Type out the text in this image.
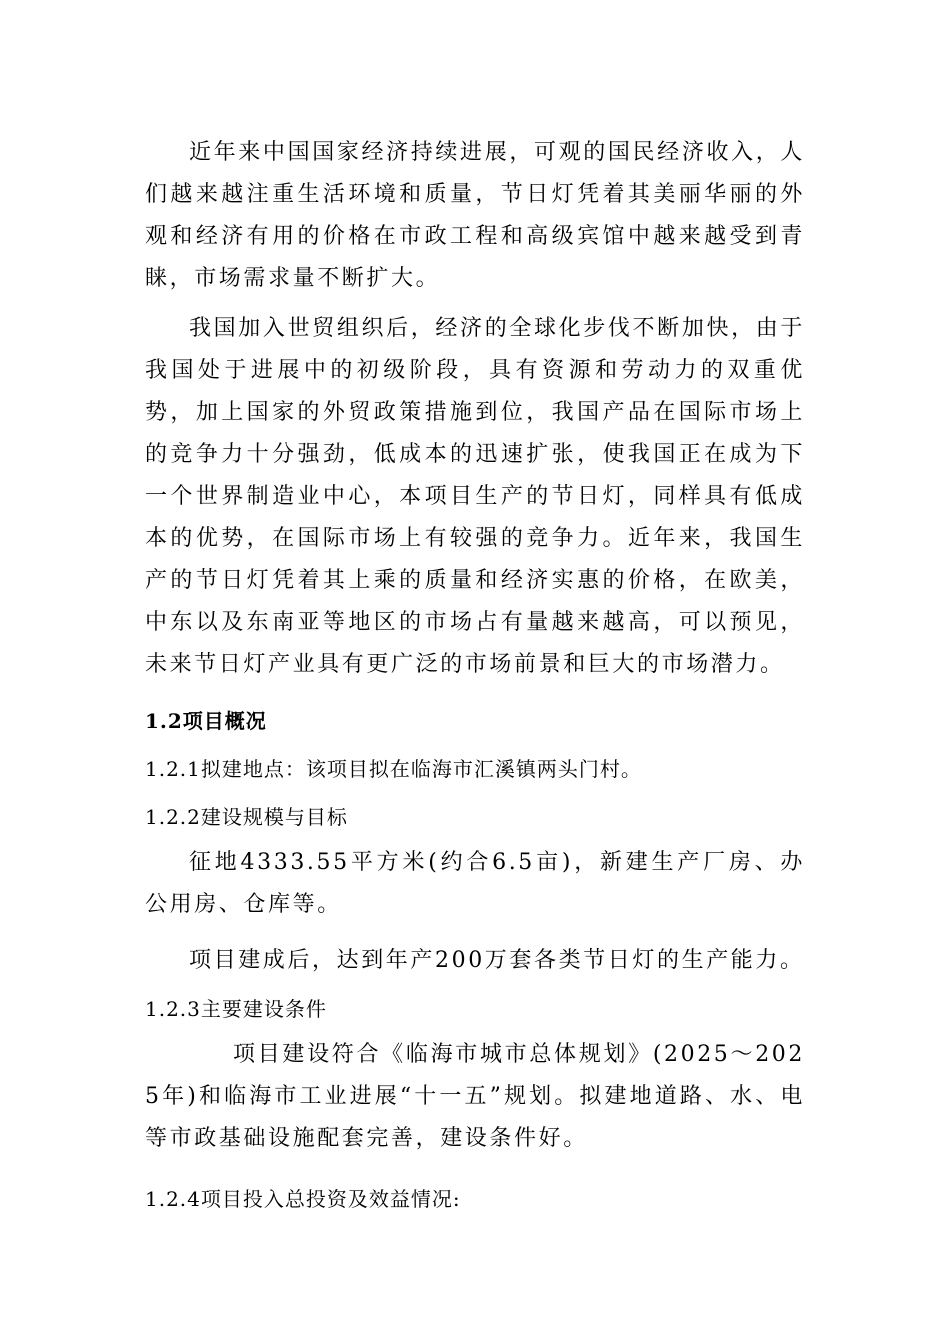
近年来中国国家经济持续进展，可观的国民经济收入，人们越来越注重生活环境和质量，节日灯凭着其美丽华丽的外观和经济有用的价格在市政工程和高级宾馆中越来越受到青睐，市场需求量不断扩大。

我国加入世贸组织后，经济的全球化步伐不断加快，由于我国处于进展中的初级阶段，具有资源和劳动力的双重优势，加上国家的外贸政策措施到位，我国产品在国际市场上的竞争力十分强劲，低成本的迅速扩张，使我国正在成为下一个世界制造业中心，本项目生产的节日灯，同样具有低成本的优势，在国际市场上有较强的竞争力。近年来，我国生产的节日灯凭着其上乘的质量和经济实惠的价格，在欧美，中东以及东南亚等地区的市场占有量越来越高，可以预见，未来节日灯产业具有更广泛的市场前景和巨大的市场潜力。

1.2项目概况

1.2.1拟建地点：该项目拟在临海市汇溪镇两头门村。

1.2.2建设规模与目标

征地4333.55平方米(约合6.5亩)，新建生产厂房、办公用房、仓库等。

项目建成后，达到年产200万套各类节日灯的生产能力。

1.2.3主要建设条件

项目建设符合《临海市城市总体规划》(2025～2025年)和临海市工业进展“十一五”规划。拟建地道路、水、电等市政基础设施配套完善，建设条件好。

1.2.4项目投入总投资及效益情况:
